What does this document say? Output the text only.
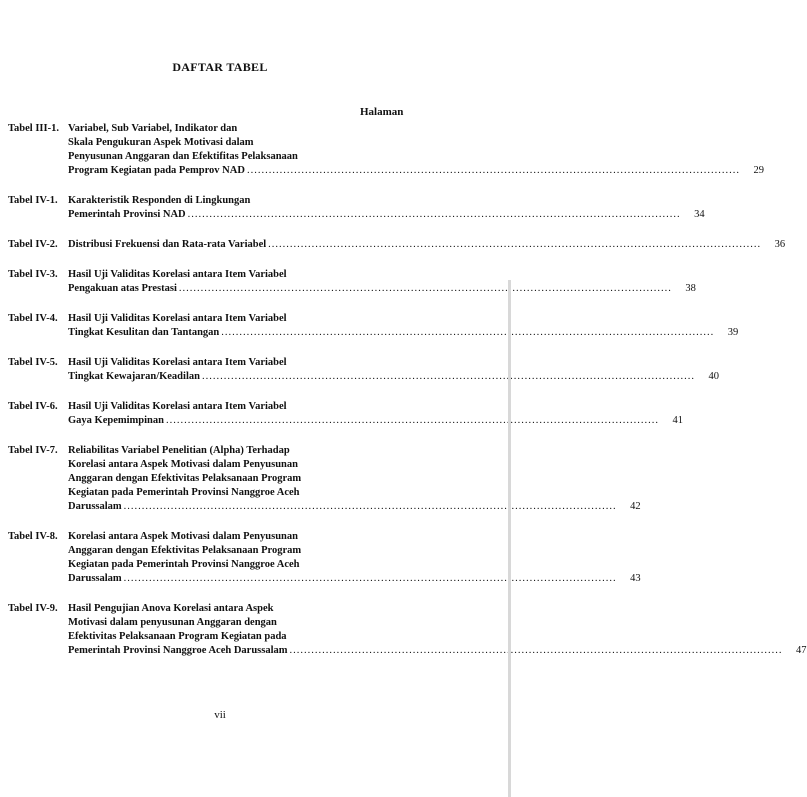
DAFTAR TABEL
Halaman
Tabel III-1. Variabel, Sub Variabel, Indikator dan
Skala Pengukuran Aspek Motivasi dalam
Penyusunan Anggaran dan Efektifitas Pelaksanaan
Program Kegiatan pada Pemprov NAD .....	29
Tabel IV-1. Karakteristik Responden di Lingkungan
Pemerintah Provinsi NAD .....	34
Tabel IV-2. Distribusi Frekuensi dan Rata-rata Variabel .....	36
Tabel IV-3. Hasil Uji Validitas Korelasi antara Item Variabel
Pengakuan atas Prestasi .....	38
Tabel IV-4. Hasil Uji Validitas Korelasi antara Item Variabel
Tingkat Kesulitan dan Tantangan .....	39
Tabel IV-5. Hasil Uji Validitas Korelasi antara Item Variabel
Tingkat Kewajaran/Keadilan .....	40
Tabel IV-6. Hasil Uji Validitas Korelasi antara Item Variabel
Gaya Kepemimpinan .....	41
Tabel IV-7. Reliabilitas Variabel Penelitian (Alpha) Terhadap
Korelasi antara Aspek Motivasi dalam Penyusunan
Anggaran dengan Efektivitas Pelaksanaan Program
Kegiatan pada Pemerintah Provinsi Nanggroe Aceh
Darussalam .....	42
Tabel IV-8. Korelasi antara Aspek Motivasi dalam Penyusunan
Anggaran dengan Efektivitas Pelaksanaan Program
Kegiatan pada Pemerintah Provinsi Nanggroe Aceh
Darussalam .....	43
Tabel IV-9. Hasil Pengujian Anova Korelasi antara Aspek
Motivasi dalam penyusunan Anggaran dengan
Efektivitas Pelaksanaan Program Kegiatan pada
Pemerintah Provinsi Nanggroe Aceh Darussalam .....	47
vii
